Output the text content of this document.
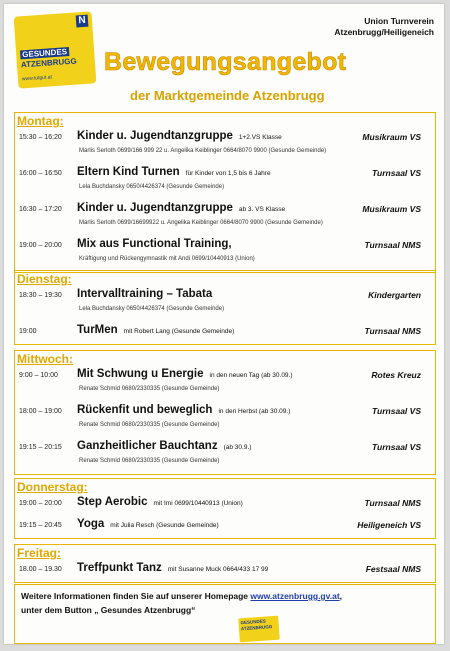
N
GESUNDES
ATZENBRUGG
www.tutgut.at
Union Turnverein
Atzenbrugg/Heiligeneich
Bewegungsangebot
der Marktgemeinde Atzenbrugg
Montag:
15:30 – 16:20 Kinder u. Jugendtanzgruppe 1+2.VS Klasse	Musikraum VS
Marlis Serloth 0699/166 999 22 u. Angelika Keiblinger 0664/8070 9900 (Gesunde Gemeinde)
16:00 – 16:50 Eltern Kind Turnen für Kinder von 1,5 bis 6 Jahre	Turnsaal VS
Lela Buchdansky 0650/4426374 (Gesunde Gemeinde)
16:30 – 17:20 Kinder u. Jugendtanzgruppe ab 3. VS Klasse	Musikraum VS
Marlis Serloth 0699/16699922 u. Angelika Keiblinger 0664/8070 9900 (Gesunde Gemeinde)
19:00 – 20:00 Mix aus Functional Training,	Turnsaal NMS
Kräftigung und Rückengymnastik mit Andi 0699/10440913 (Union)
Dienstag:
18:30 – 19:30 Intervalltraining – Tabata	Kindergarten
Lela Buchdansky 0650/4426374 (Gesunde Gemeinde)
19:00	TurMen mit Robert Lang (Gesunde Gemeinde)	Turnsaal NMS
Mittwoch:
9:00 – 10:00 Mit Schwung u Energie in den neuen Tag (ab 30.09.)	Rotes Kreuz
Renate Schmid 0680/2330335 (Gesunde Gemeinde)
18:00 – 19:00 Rückenfit und beweglich in den Herbst (ab 30.09.)	Turnsaal VS
Renate Schmid 0680/2330335 (Gesunde Gemeinde)
19:15 – 20:15 Ganzheitlicher Bauchtanz (ab 30.9.)	Turnsaal VS
Renate Schmid 0680/2330335 (Gesunde Gemeinde)
Donnerstag:
19:00 – 20:00 Step Aerobic mit Imi 0699/10440913 (Union)	Turnsaal NMS
19:15 – 20:45 Yoga mit Julia Resch (Gesunde Gemeinde)	Heiligeneich VS
Freitag:
18.00 – 19.30 Treffpunkt Tanz mit Susanne Muck 0664/433 17 99	Festsaal NMS
Weitere Informationen finden Sie auf unserer Homepage www.atzenbrugg.gv.at,
unter dem Button „ Gesundes Atzenbrugg“
GESUNDES ATZENBRUGG
